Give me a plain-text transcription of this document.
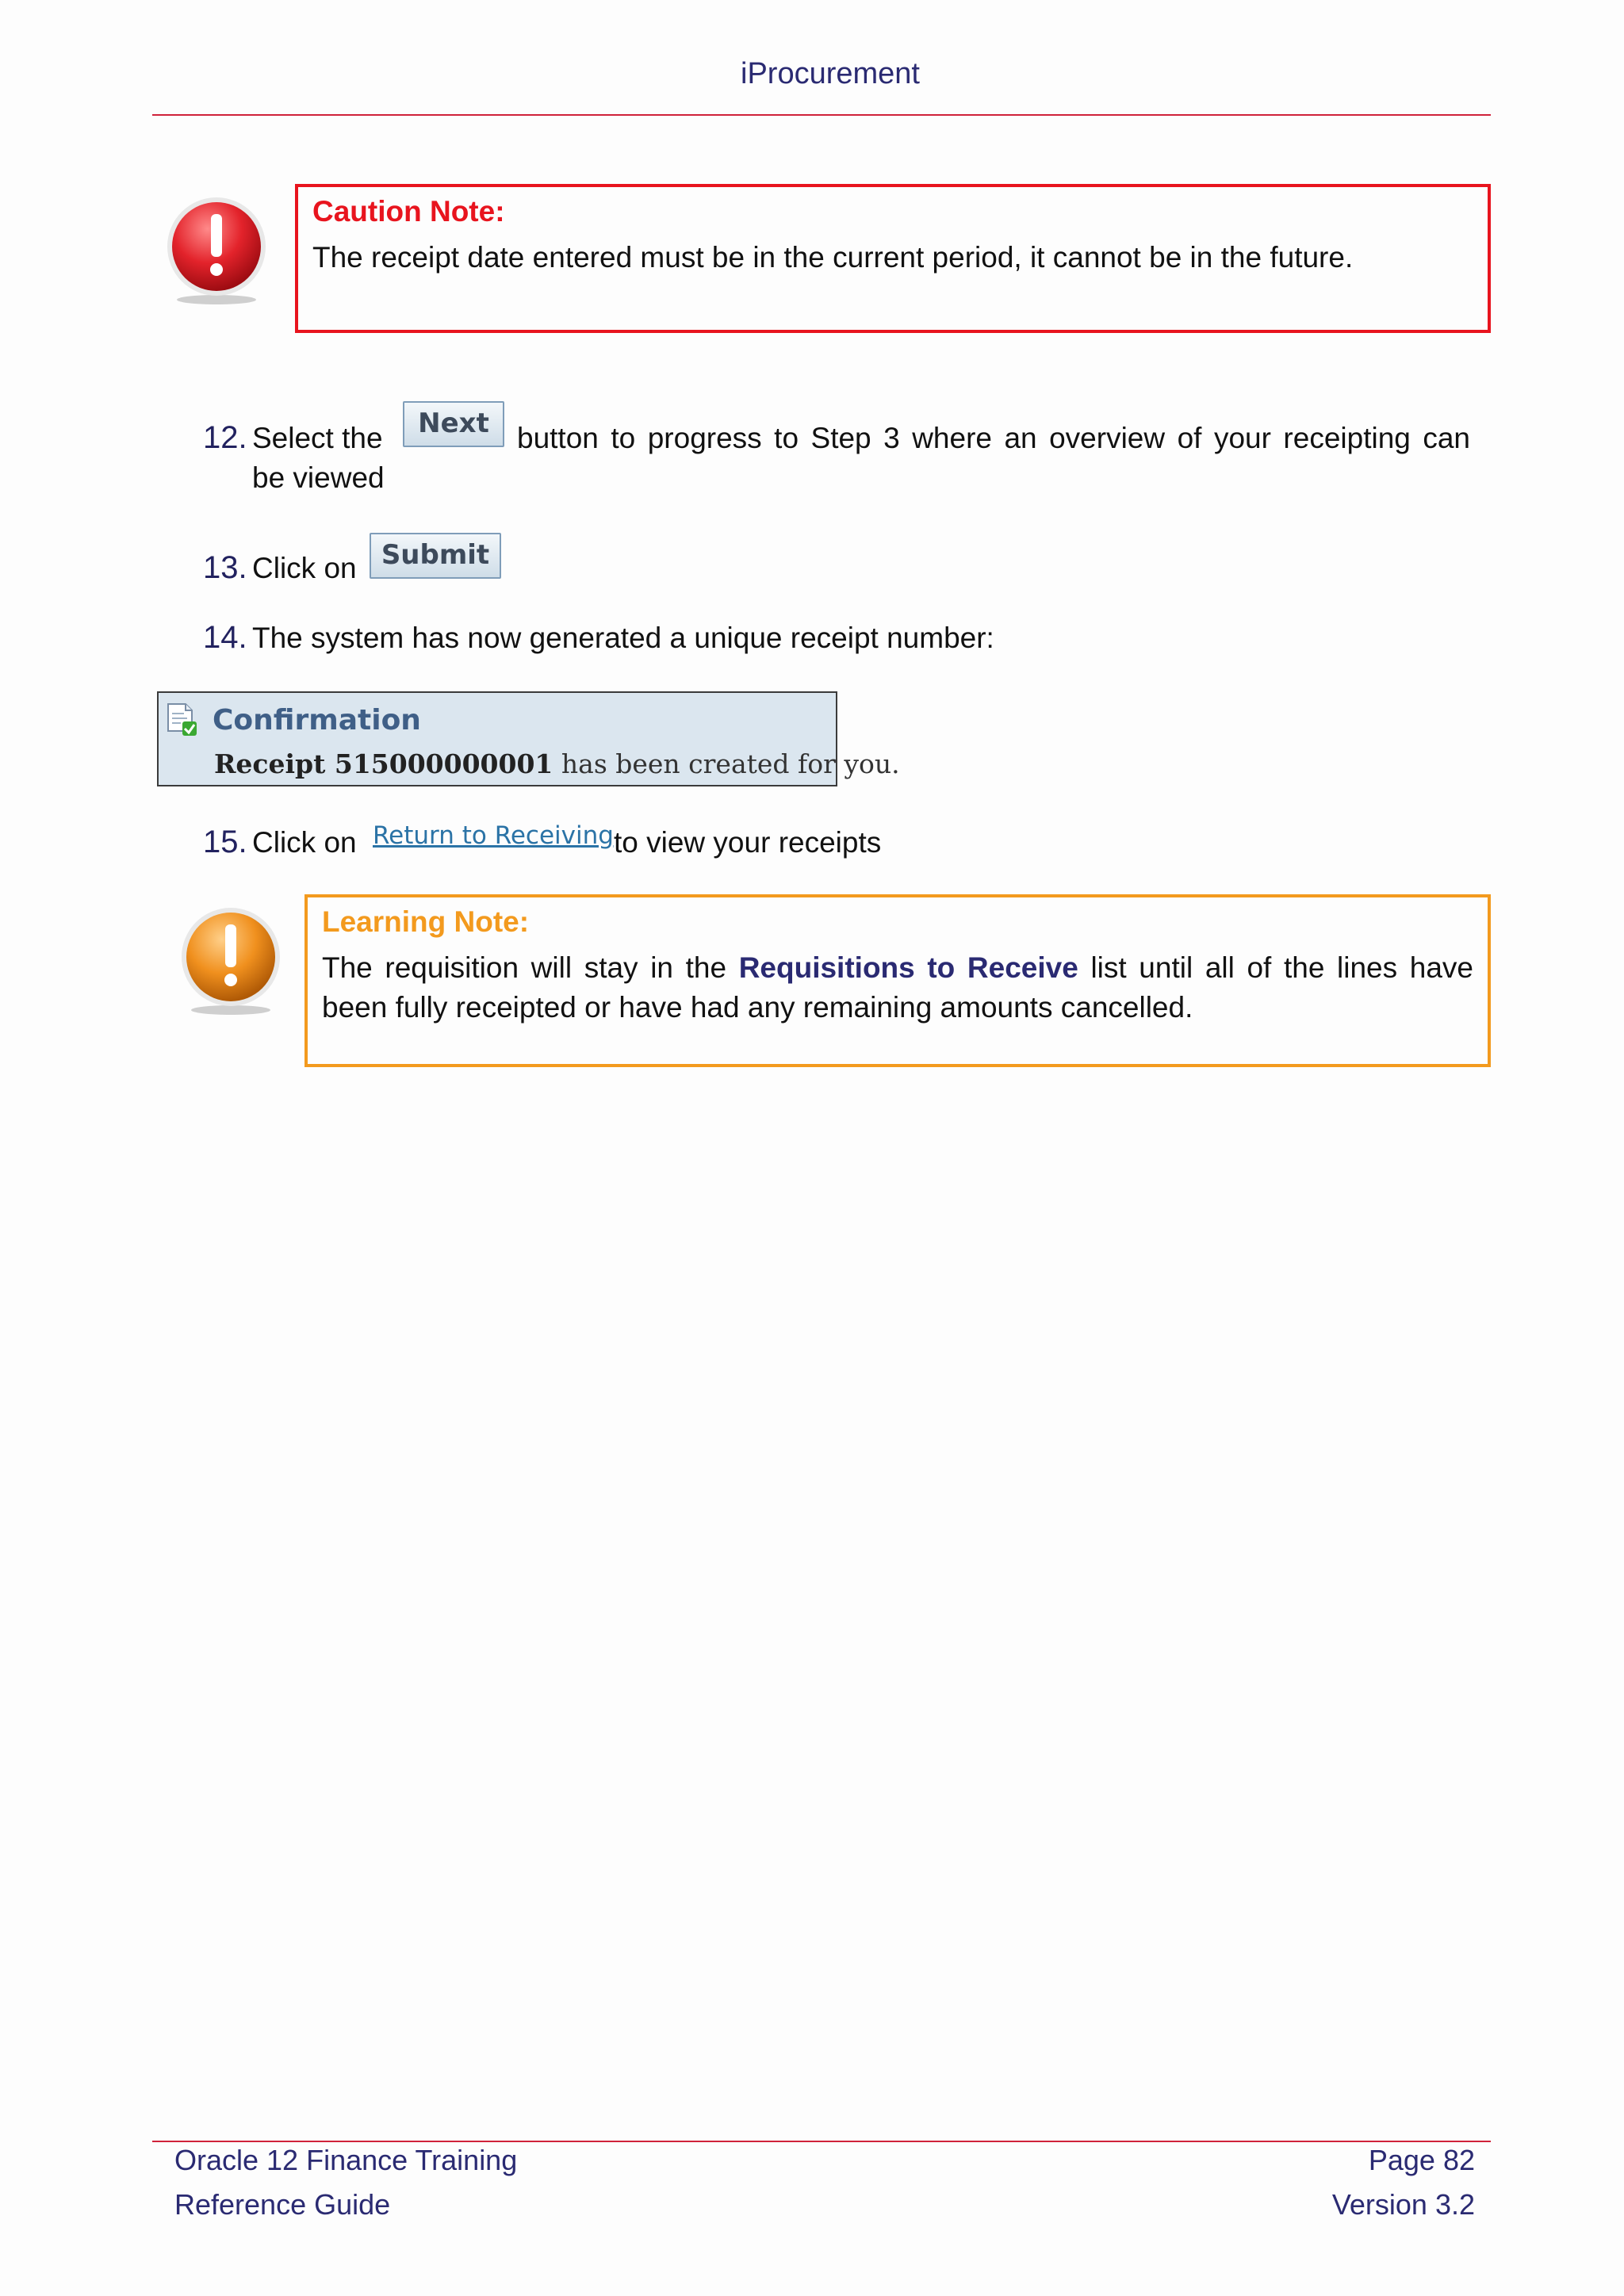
iProcurement
Caution Note:
The receipt date entered must be in the current period, it cannot be in the future.
12. Select the	Next button to progress to Step 3 where an overview of your receipting can
be viewed
13. Click on Submit
14. The system has now generated a unique receipt number:
Confirmation
Receipt 515000000001 has been created for you.
15. Click on Return to Receiving to view your receipts
Learning Note:
The requisition will stay in the Requisitions to Receive list until all of the lines have been fully receipted or have had any remaining amounts cancelled.
Oracle 12 Finance Training
Reference Guide
Page 82
Version 3.2
